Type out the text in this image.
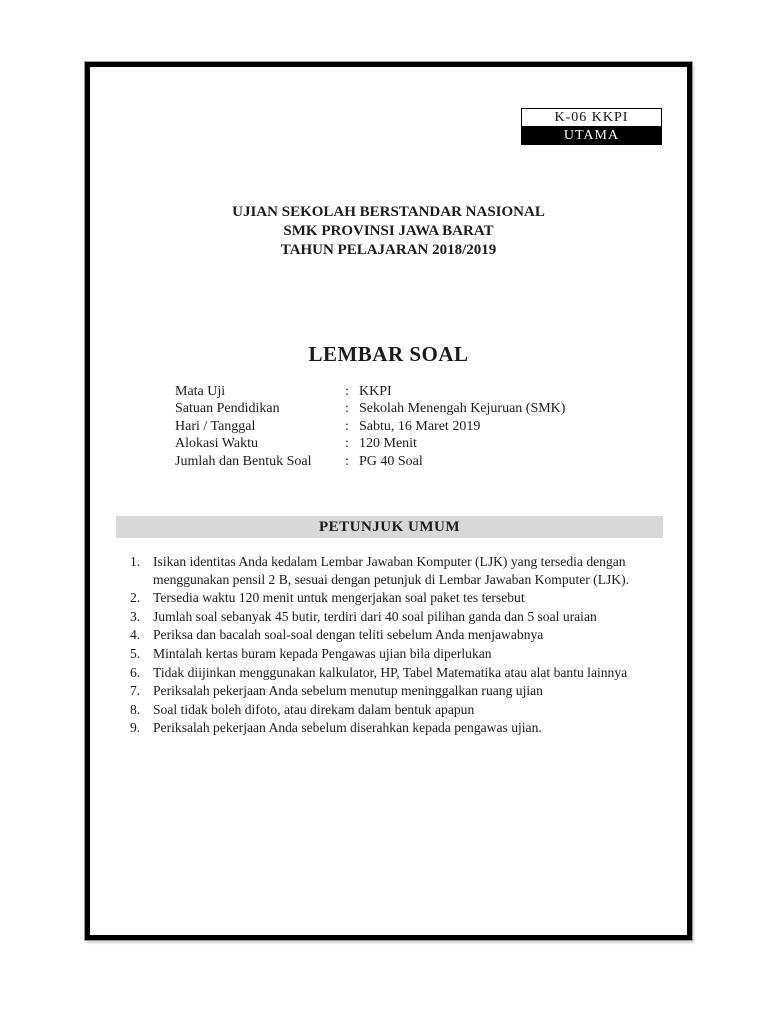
K-06 KKPI
UTAMA
UJIAN SEKOLAH BERSTANDAR NASIONAL
SMK PROVINSI JAWA BARAT
TAHUN PELAJARAN 2018/2019
LEMBAR SOAL
Mata Uji	: KKPI
Satuan Pendidikan	: Sekolah Menengah Kejuruan (SMK)
Hari / Tanggal	: Sabtu, 16 Maret 2019
Alokasi Waktu	: 120 Menit
Jumlah dan Bentuk Soal	: PG 40 Soal
PETUNJUK UMUM
1. Isikan identitas Anda kedalam Lembar Jawaban Komputer (LJK) yang tersedia dengan menggunakan pensil 2 B, sesuai dengan petunjuk di Lembar Jawaban Komputer (LJK).
2. Tersedia waktu 120 menit untuk mengerjakan soal paket tes tersebut
3. Jumlah soal sebanyak 45 butir, terdiri dari 40 soal pilihan ganda dan 5 soal uraian
4. Periksa dan bacalah soal-soal dengan teliti sebelum Anda menjawabnya
5. Mintalah kertas buram kepada Pengawas ujian bila diperlukan
6. Tidak diijinkan menggunakan kalkulator, HP, Tabel Matematika atau alat bantu lainnya
7. Periksalah pekerjaan Anda sebelum menutup meninggalkan ruang ujian
8. Soal tidak boleh difoto, atau direkam dalam bentuk apapun
9. Periksalah pekerjaan Anda sebelum diserahkan kepada pengawas ujian.
